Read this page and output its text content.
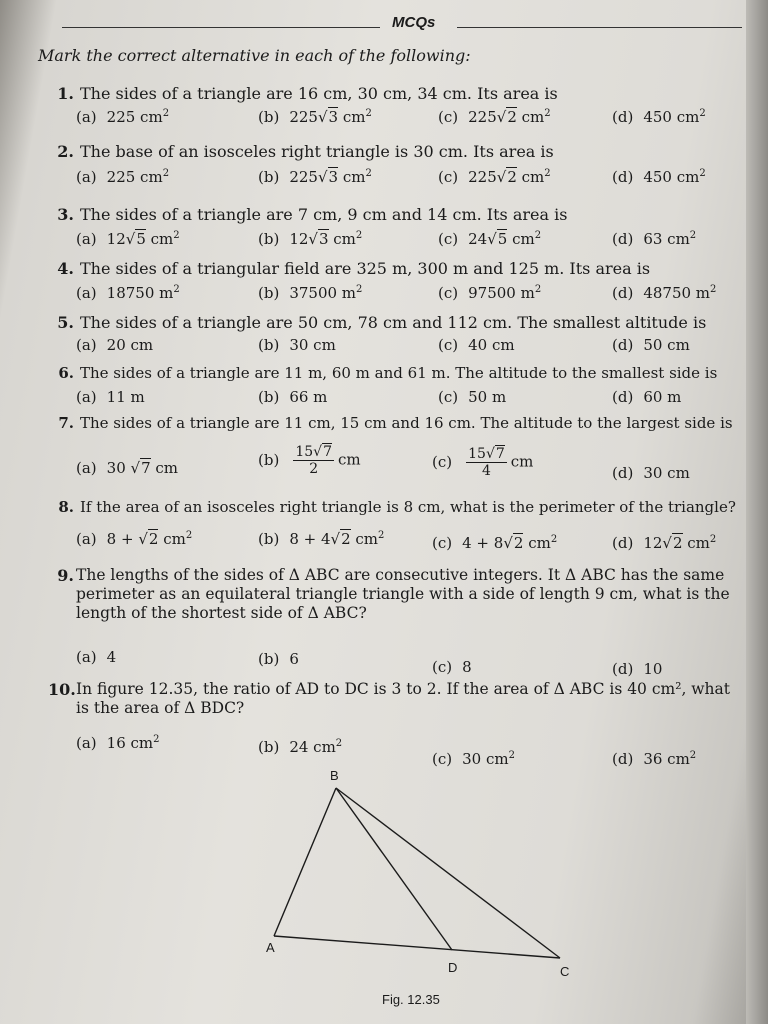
MCQs
Mark the correct alternative in each of the following:
1. The sides of a triangle are 16 cm, 30 cm, 34 cm. Its area is
(a) 225 $cm^2$	(b) 225√3 $cm^2$	(c) 225√2 $cm^2$	(d) 450 $cm^2$
2. The base of an isosceles right triangle is 30 cm. Its area is
(a) 225 $cm^2$	(b) 225√3 $cm^2$	(c) 225√2 $cm^2$	(d) 450 $cm^2$
3. The sides of a triangle are 7 cm, 9 cm and 14 cm. Its area is
(a) 12√5 $cm^2$	(b) 12√3 $cm^2$	(c) 24√5 $cm^2$	(d) 63 $cm^2$
4. The sides of a triangular field are 325 m, 300 m and 125 m. Its area is
(a) 18750 $m^2$	(b) 37500 $m^2$	(c) 97500 $m^2$	(d) 48750 $m^2$
5. The sides of a triangle are 50 cm, 78 cm and 112 cm. The smallest altitude is
(a) 20 cm	(b) 30 cm	(c) 40 cm	(d) 50 cm
6. The sides of a triangle are 11 m, 60 m and 61 m. The altitude to the smallest side is
(a) 11 m	(b) 66 m	(c) 50 m	(d) 60 m
7. The sides of a triangle are 11 cm, 15 cm and 16 cm. The altitude to the largest side is
(a) 30 √7 cm	$(b) \frac{15√7}{2}$ cm	$(c) \frac{15√7}{4}$ cm
(d) 30 cm
8. If the area of an isosceles right triangle is 8 cm, what is the perimeter of the triangle?
(a) 8 + √2 $cm^2$	(b) 8 + 4√2 $cm^2$	(c) 4 + 8√2 $cm^2$	(d) 12√2 $cm^2$
9. The lengths of the sides of Δ ABC are consecutive integers. It Δ ABC has the same perimeter as an equilateral triangle triangle with a side of length 9 cm, what is the length of the shortest side of Δ ABC?
(a) 4	(b) 6	(c) 8	(d) 10
10. In figure 12.35, the ratio of AD to DC is 3 to 2. If the area of Δ ABC is 40 cm², what is the area of Δ BDC?
(a) 16 $cm^2$	(b) 24 $cm^2$
(c) 30 $cm^2$	(d) 36 $cm^2$
B
A
D	C
Fig. 12.35
